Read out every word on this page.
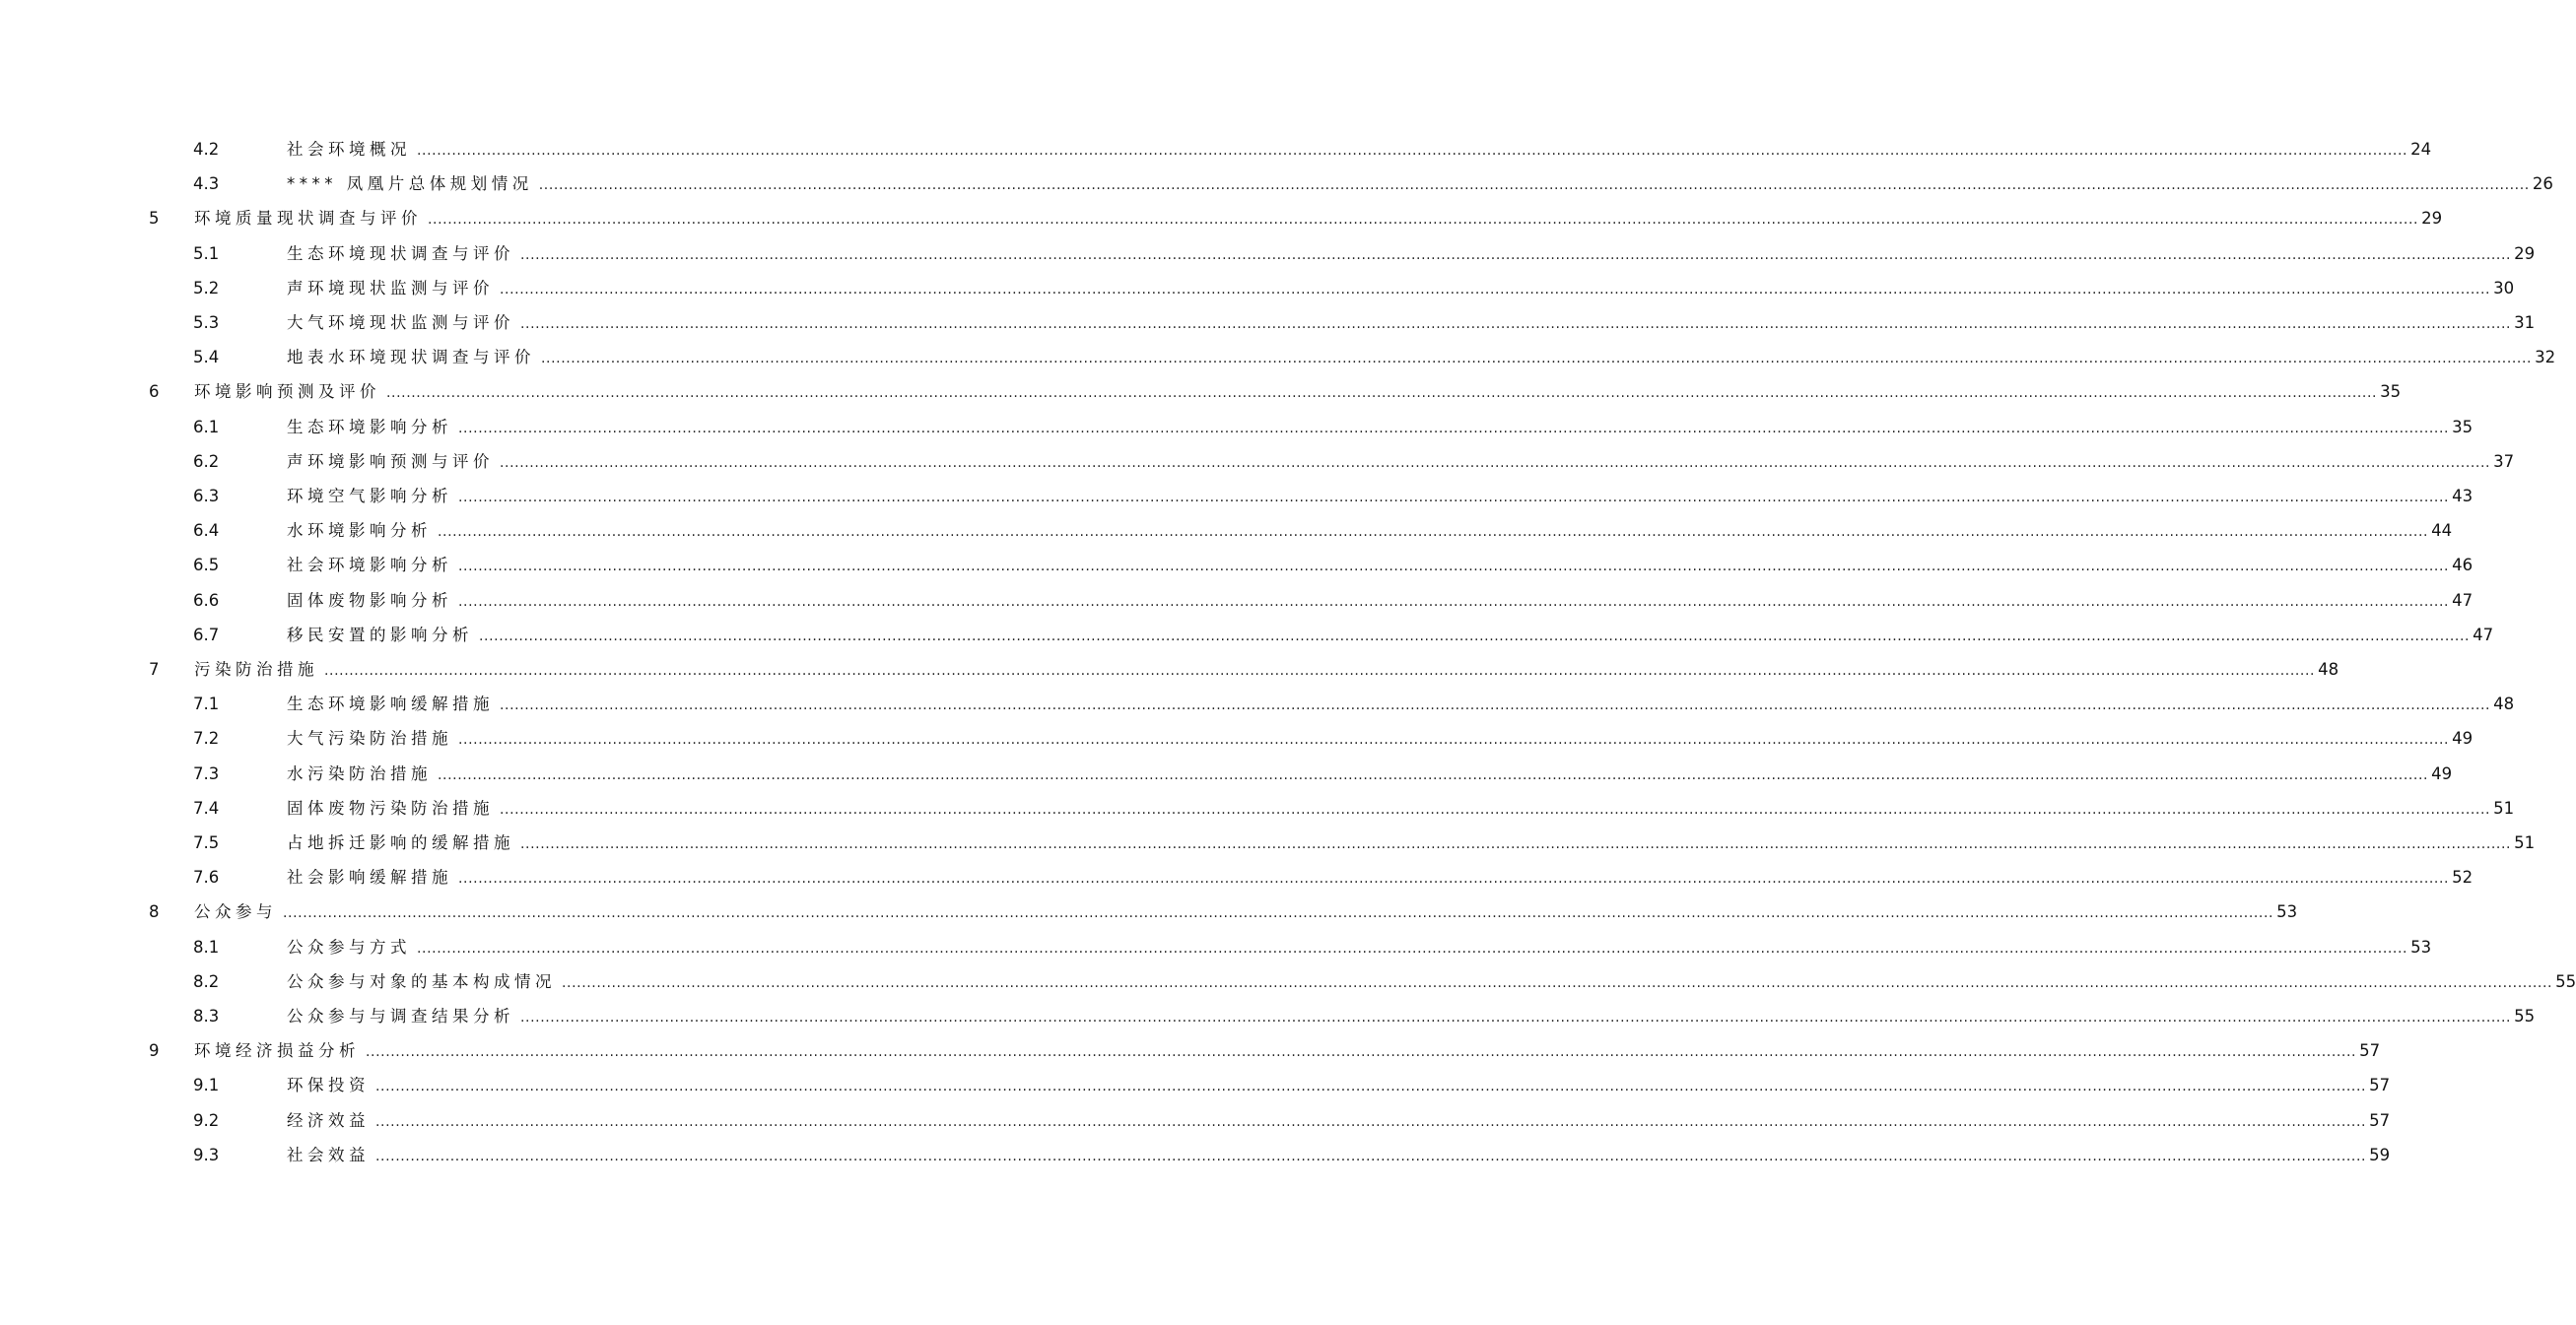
4.2	社会环境概况 ................................................................................................................................................................................................................................................................................................................................................................................................................ 24
4.3	**** 凤凰片总体规划情况 ................................................................................................................................................................................................................................................................................................................................................................................................................ 26
5 环境质量现状调查与评价 ................................................................................................................................................................................................................................................................................................................................................................................................................ 29
5.1	生态环境现状调查与评价 ................................................................................................................................................................................................................................................................................................................................................................................................................ 29
5.2	声环境现状监测与评价 ................................................................................................................................................................................................................................................................................................................................................................................................................ 30
5.3	大气环境现状监测与评价 ................................................................................................................................................................................................................................................................................................................................................................................................................ 31
5.4	地表水环境现状调查与评价 ................................................................................................................................................................................................................................................................................................................................................................................................................ 32
6 环境影响预测及评价 ................................................................................................................................................................................................................................................................................................................................................................................................................ 35
6.1	生态环境影响分析 ................................................................................................................................................................................................................................................................................................................................................................................................................ 35
6.2	声环境影响预测与评价 ................................................................................................................................................................................................................................................................................................................................................................................................................ 37
6.3	环境空气影响分析 ................................................................................................................................................................................................................................................................................................................................................................................................................ 43
6.4	水环境影响分析 ................................................................................................................................................................................................................................................................................................................................................................................................................ 44
6.5	社会环境影响分析 ................................................................................................................................................................................................................................................................................................................................................................................................................ 46
6.6	固体废物影响分析 ................................................................................................................................................................................................................................................................................................................................................................................................................ 47
6.7	移民安置的影响分析 ................................................................................................................................................................................................................................................................................................................................................................................................................ 47
7 污染防治措施 ................................................................................................................................................................................................................................................................................................................................................................................................................ 48
7.1	生态环境影响缓解措施 ................................................................................................................................................................................................................................................................................................................................................................................................................ 48
7.2	大气污染防治措施 ................................................................................................................................................................................................................................................................................................................................................................................................................ 49
7.3	水污染防治措施 ................................................................................................................................................................................................................................................................................................................................................................................................................ 49
7.4	固体废物污染防治措施 ................................................................................................................................................................................................................................................................................................................................................................................................................ 51
7.5	占地拆迁影响的缓解措施 ................................................................................................................................................................................................................................................................................................................................................................................................................ 51
7.6	社会影响缓解措施 ................................................................................................................................................................................................................................................................................................................................................................................................................ 52
8 公众参与 ................................................................................................................................................................................................................................................................................................................................................................................................................ 53
8.1	公众参与方式 ................................................................................................................................................................................................................................................................................................................................................................................................................ 53
8.2	公众参与对象的基本构成情况 ................................................................................................................................................................................................................................................................................................................................................................................................................ 55
8.3	公众参与与调查结果分析 ................................................................................................................................................................................................................................................................................................................................................................................................................ 55
9 环境经济损益分析 ................................................................................................................................................................................................................................................................................................................................................................................................................ 57
9.1	环保投资 ................................................................................................................................................................................................................................................................................................................................................................................................................ 57
9.2	经济效益 ................................................................................................................................................................................................................................................................................................................................................................................................................ 57
9.3	社会效益 ................................................................................................................................................................................................................................................................................................................................................................................................................ 59
